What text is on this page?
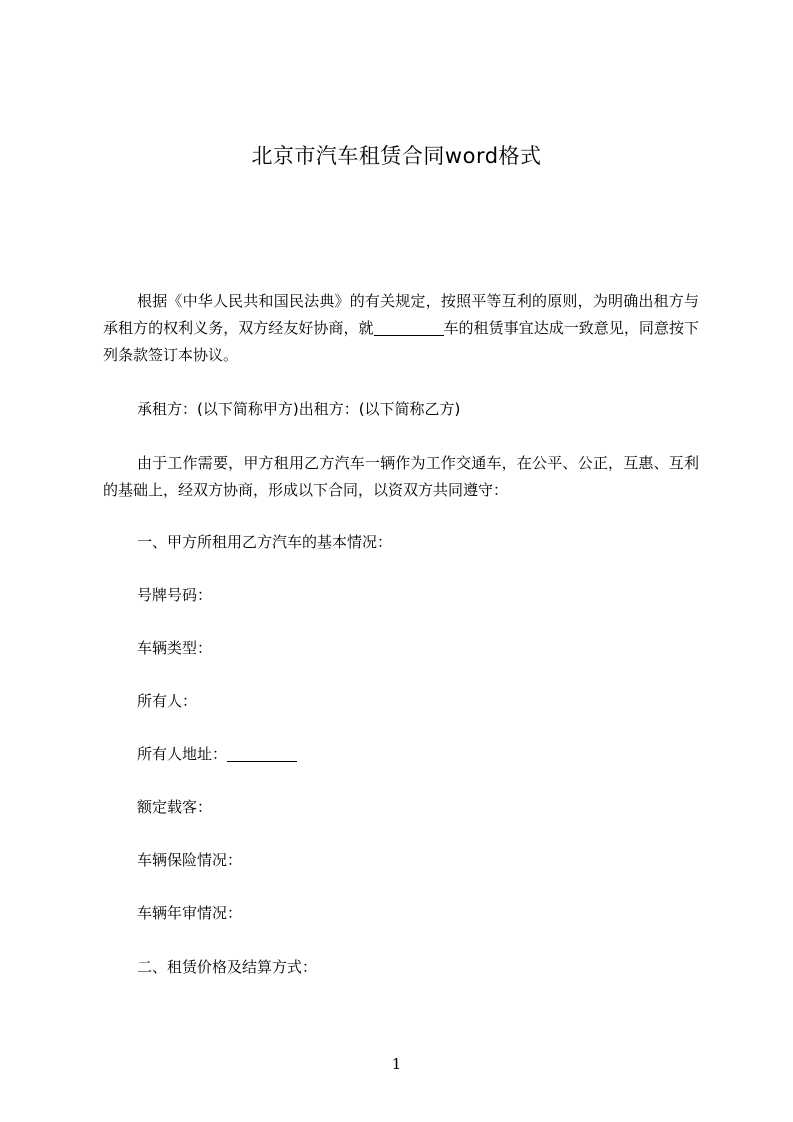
北京市汽车租赁合同word格式

根据《中华人民共和国民法典》的有关规定，按照平等互利的原则，为明确出租方与承租方的权利义务，双方经友好协商，就	车的租赁事宜达成一致意见，同意按下列条款签订本协议。

承租方：(以下简称甲方)出租方：(以下简称乙方)

由于工作需要，甲方租用乙方汽车一辆作为工作交通车，在公平、公正，互惠、互利的基础上，经双方协商，形成以下合同，以资双方共同遵守：

一、甲方所租用乙方汽车的基本情况：
号牌号码：
车辆类型：
所有人：
所有人地址：
额定载客：
车辆保险情况：
车辆年审情况：
二、租赁价格及结算方式：
1
